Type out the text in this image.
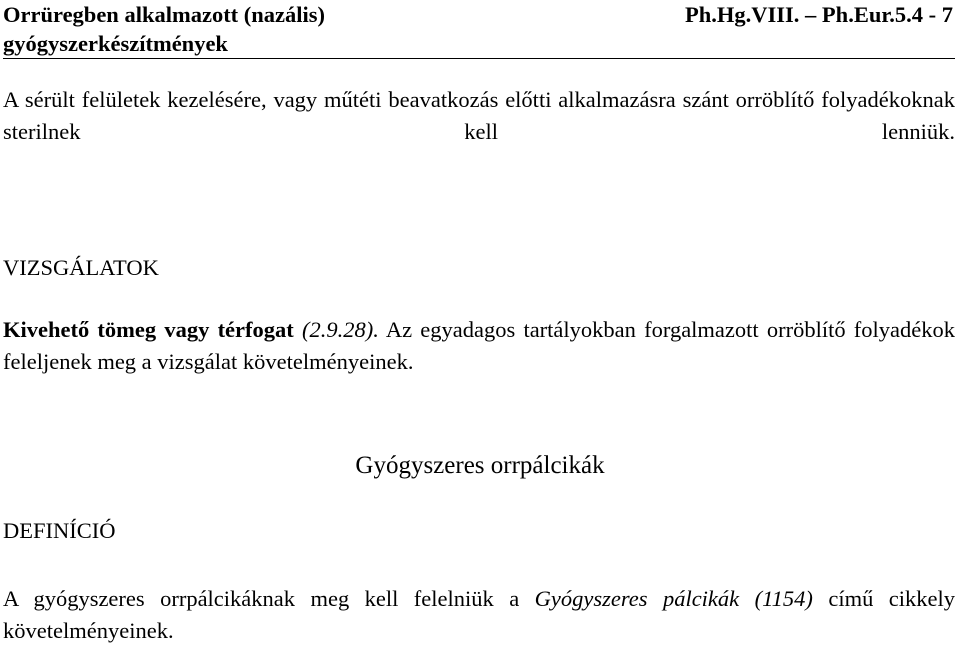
Orrüregben alkalmazott (nazális)	Ph.Hg.VIII. – Ph.Eur.5.4 - 7
gyógyszerkészítmények

A sérült felületek kezelésére, vagy műtéti beavatkozás előtti alkalmazásra szánt orröblítő folyadékoknak sterilnek kell lenniük.

VIZSGÁLATOK

Kivehető tömeg vagy térfogat (2.9.28). Az egyadagos tartályokban forgalmazott orröblítő folyadékok feleljenek meg a vizsgálat követelményeinek.

Gyógyszeres orrpálcikák

DEFINÍCIÓ

A gyógyszeres orrpálcikáknak meg kell felelniük a Gyógyszeres pálcikák (1154) című cikkely követelményeinek.
